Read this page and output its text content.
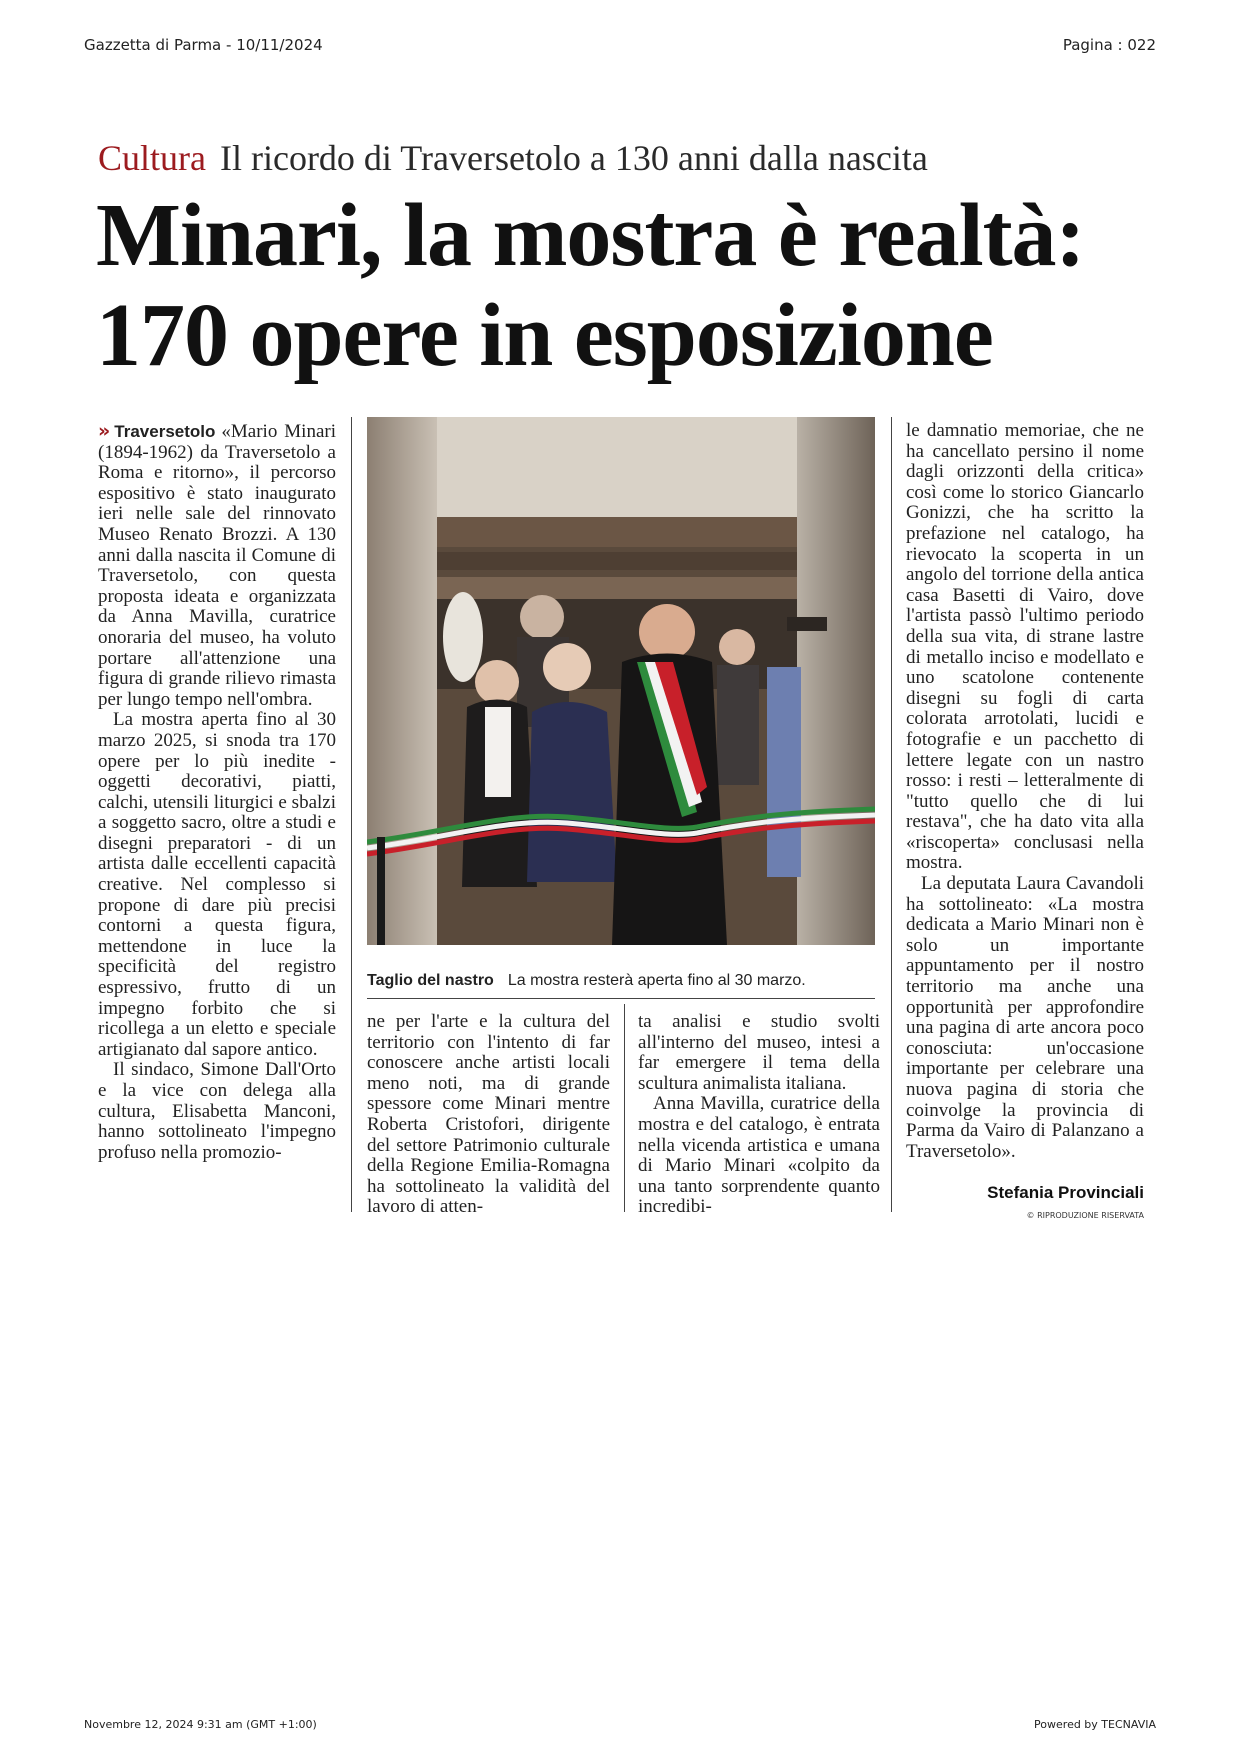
Gazzetta di Parma - 10/11/2024	Pagina : 022
Cultura Il ricordo di Traversetolo a 130 anni dalla nascita
Minari, la mostra è realtà:
170 opere in esposizione

» Traversetolo «Mario Minari (1894-1962) da Traversetolo a Roma e ritorno», il percorso espositivo è stato inaugurato ieri nelle sale del rinnovato Museo Renato Brozzi. A 130 anni dalla nascita il Comune di Traversetolo, con questa proposta ideata e organizzata da Anna Mavilla, curatrice onoraria del museo, ha voluto portare all'attenzione una figura di grande rilievo rimasta per lungo tempo nell'ombra.

La mostra aperta fino al 30 marzo 2025, si snoda tra 170 opere per lo più inedite - oggetti decorativi, piatti, calchi, utensili liturgici e sbalzi a soggetto sacro, oltre a studi e disegni preparatori - di un artista dalle eccellenti capacità creative. Nel complesso si propone di dare più precisi contorni a questa figura, mettendone in luce la specificità del registro espressivo, frutto di un impegno forbito che si ricollega a un eletto e speciale artigianato dal sapore antico.

Il sindaco, Simone Dall'Orto e la vice con delega alla cultura, Elisabetta Manconi, hanno sottolineato l'impegno profuso nella promozio-

Taglio del nastro La mostra resterà aperta fino al 30 marzo.

ne per l'arte e la cultura del territorio con l'intento di far conoscere anche artisti locali meno noti, ma di grande spessore come Minari mentre Roberta Cristofori, dirigente del settore Patrimonio culturale della Regione Emilia-Romagna ha sottolineato la validità del lavoro di atten-

ta analisi e studio svolti all'interno del museo, intesi a far emergere il tema della scultura animalista italiana.

Anna Mavilla, curatrice della mostra e del catalogo, è entrata nella vicenda artistica e umana di Mario Minari «colpito da una tanto sorprendente quanto incredibi-

le damnatio memoriae, che ne ha cancellato persino il nome dagli orizzonti della critica» così come lo storico Giancarlo Gonizzi, che ha scritto la prefazione nel catalogo, ha rievocato la scoperta in un angolo del torrione della antica casa Basetti di Vairo, dove l'artista passò l'ultimo periodo della sua vita, di strane lastre di metallo inciso e modellato e uno scatolone contenente disegni su fogli di carta colorata arrotolati, lucidi e fotografie e un pacchetto di lettere legate con un nastro rosso: i resti – letteralmente di "tutto quello che di lui restava", che ha dato vita alla «riscoperta» conclusasi nella mostra.

La deputata Laura Cavandoli ha sottolineato: «La mostra dedicata a Mario Minari non è solo un importante appuntamento per il nostro territorio ma anche una opportunità per approfondire una pagina di arte ancora poco conosciuta: un'occasione importante per celebrare una nuova pagina di storia che coinvolge la provincia di Parma da Vairo di Palanzano a Traversetolo».

Stefania Provinciali
© RIPRODUZIONE RISERVATA
Novembre 12, 2024 9:31 am (GMT +1:00)	Powered by TECNAVIA
